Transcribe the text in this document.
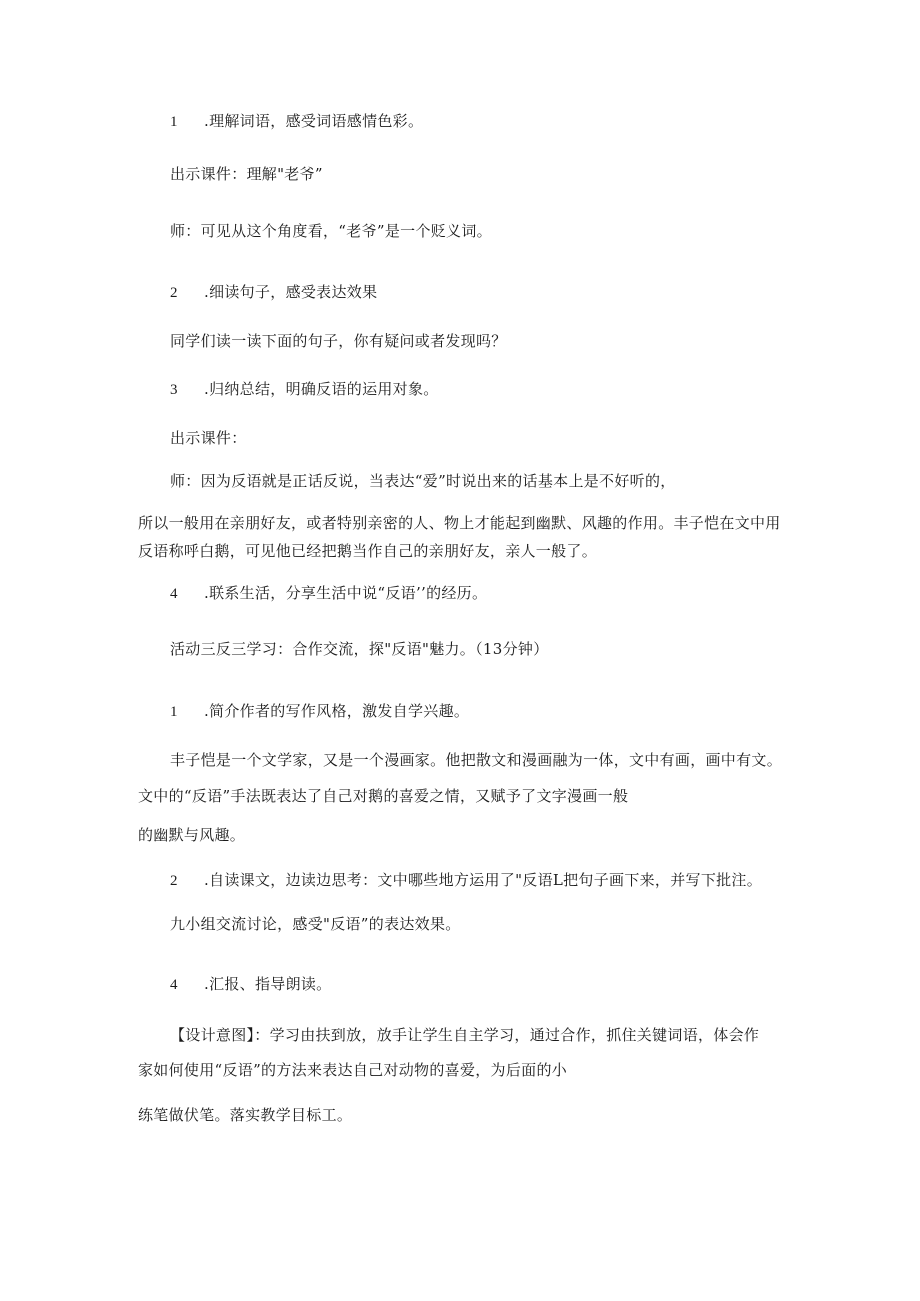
1 .理解词语，感受词语感情色彩。
出示课件：理解"老爷”
师：可见从这个角度看，“老爷”是一个贬义词。
2 .细读句子，感受表达效果
同学们读一读下面的句子，你有疑问或者发现吗？
3 .归纳总结，明确反语的运用对象。
出示课件：
师：因为反语就是正话反说，当表达“爱”时说出来的话基本上是不好听的，
所以一般用在亲朋好友，或者特别亲密的人、物上才能起到幽默、风趣的作用。丰子恺在文中用
反语称呼白鹅，可见他已经把鹅当作自己的亲朋好友，亲人一般了。
4 .联系生活，分享生活中说“反语’’的经历。
活动三反三学习：合作交流，探"反语"魅力。（13分钟）
1 .简介作者的写作风格，激发自学兴趣。
丰子恺是一个文学家，又是一个漫画家。他把散文和漫画融为一体，文中有画，画中有文。
文中的“反语”手法既表达了自己对鹅的喜爱之情，又赋予了文字漫画一般
的幽默与风趣。
2 .自读课文，边读边思考：文中哪些地方运用了"反语L把句子画下来，并写下批注。
九小组交流讨论，感受"反语”的表达效果。
4 .汇报、指导朗读。
【设计意图】：学习由扶到放，放手让学生自主学习，通过合作，抓住关键词语，体会作
家如何使用“反语”的方法来表达自己对动物的喜爱，为后面的小
练笔做伏笔。落实教学目标工。
